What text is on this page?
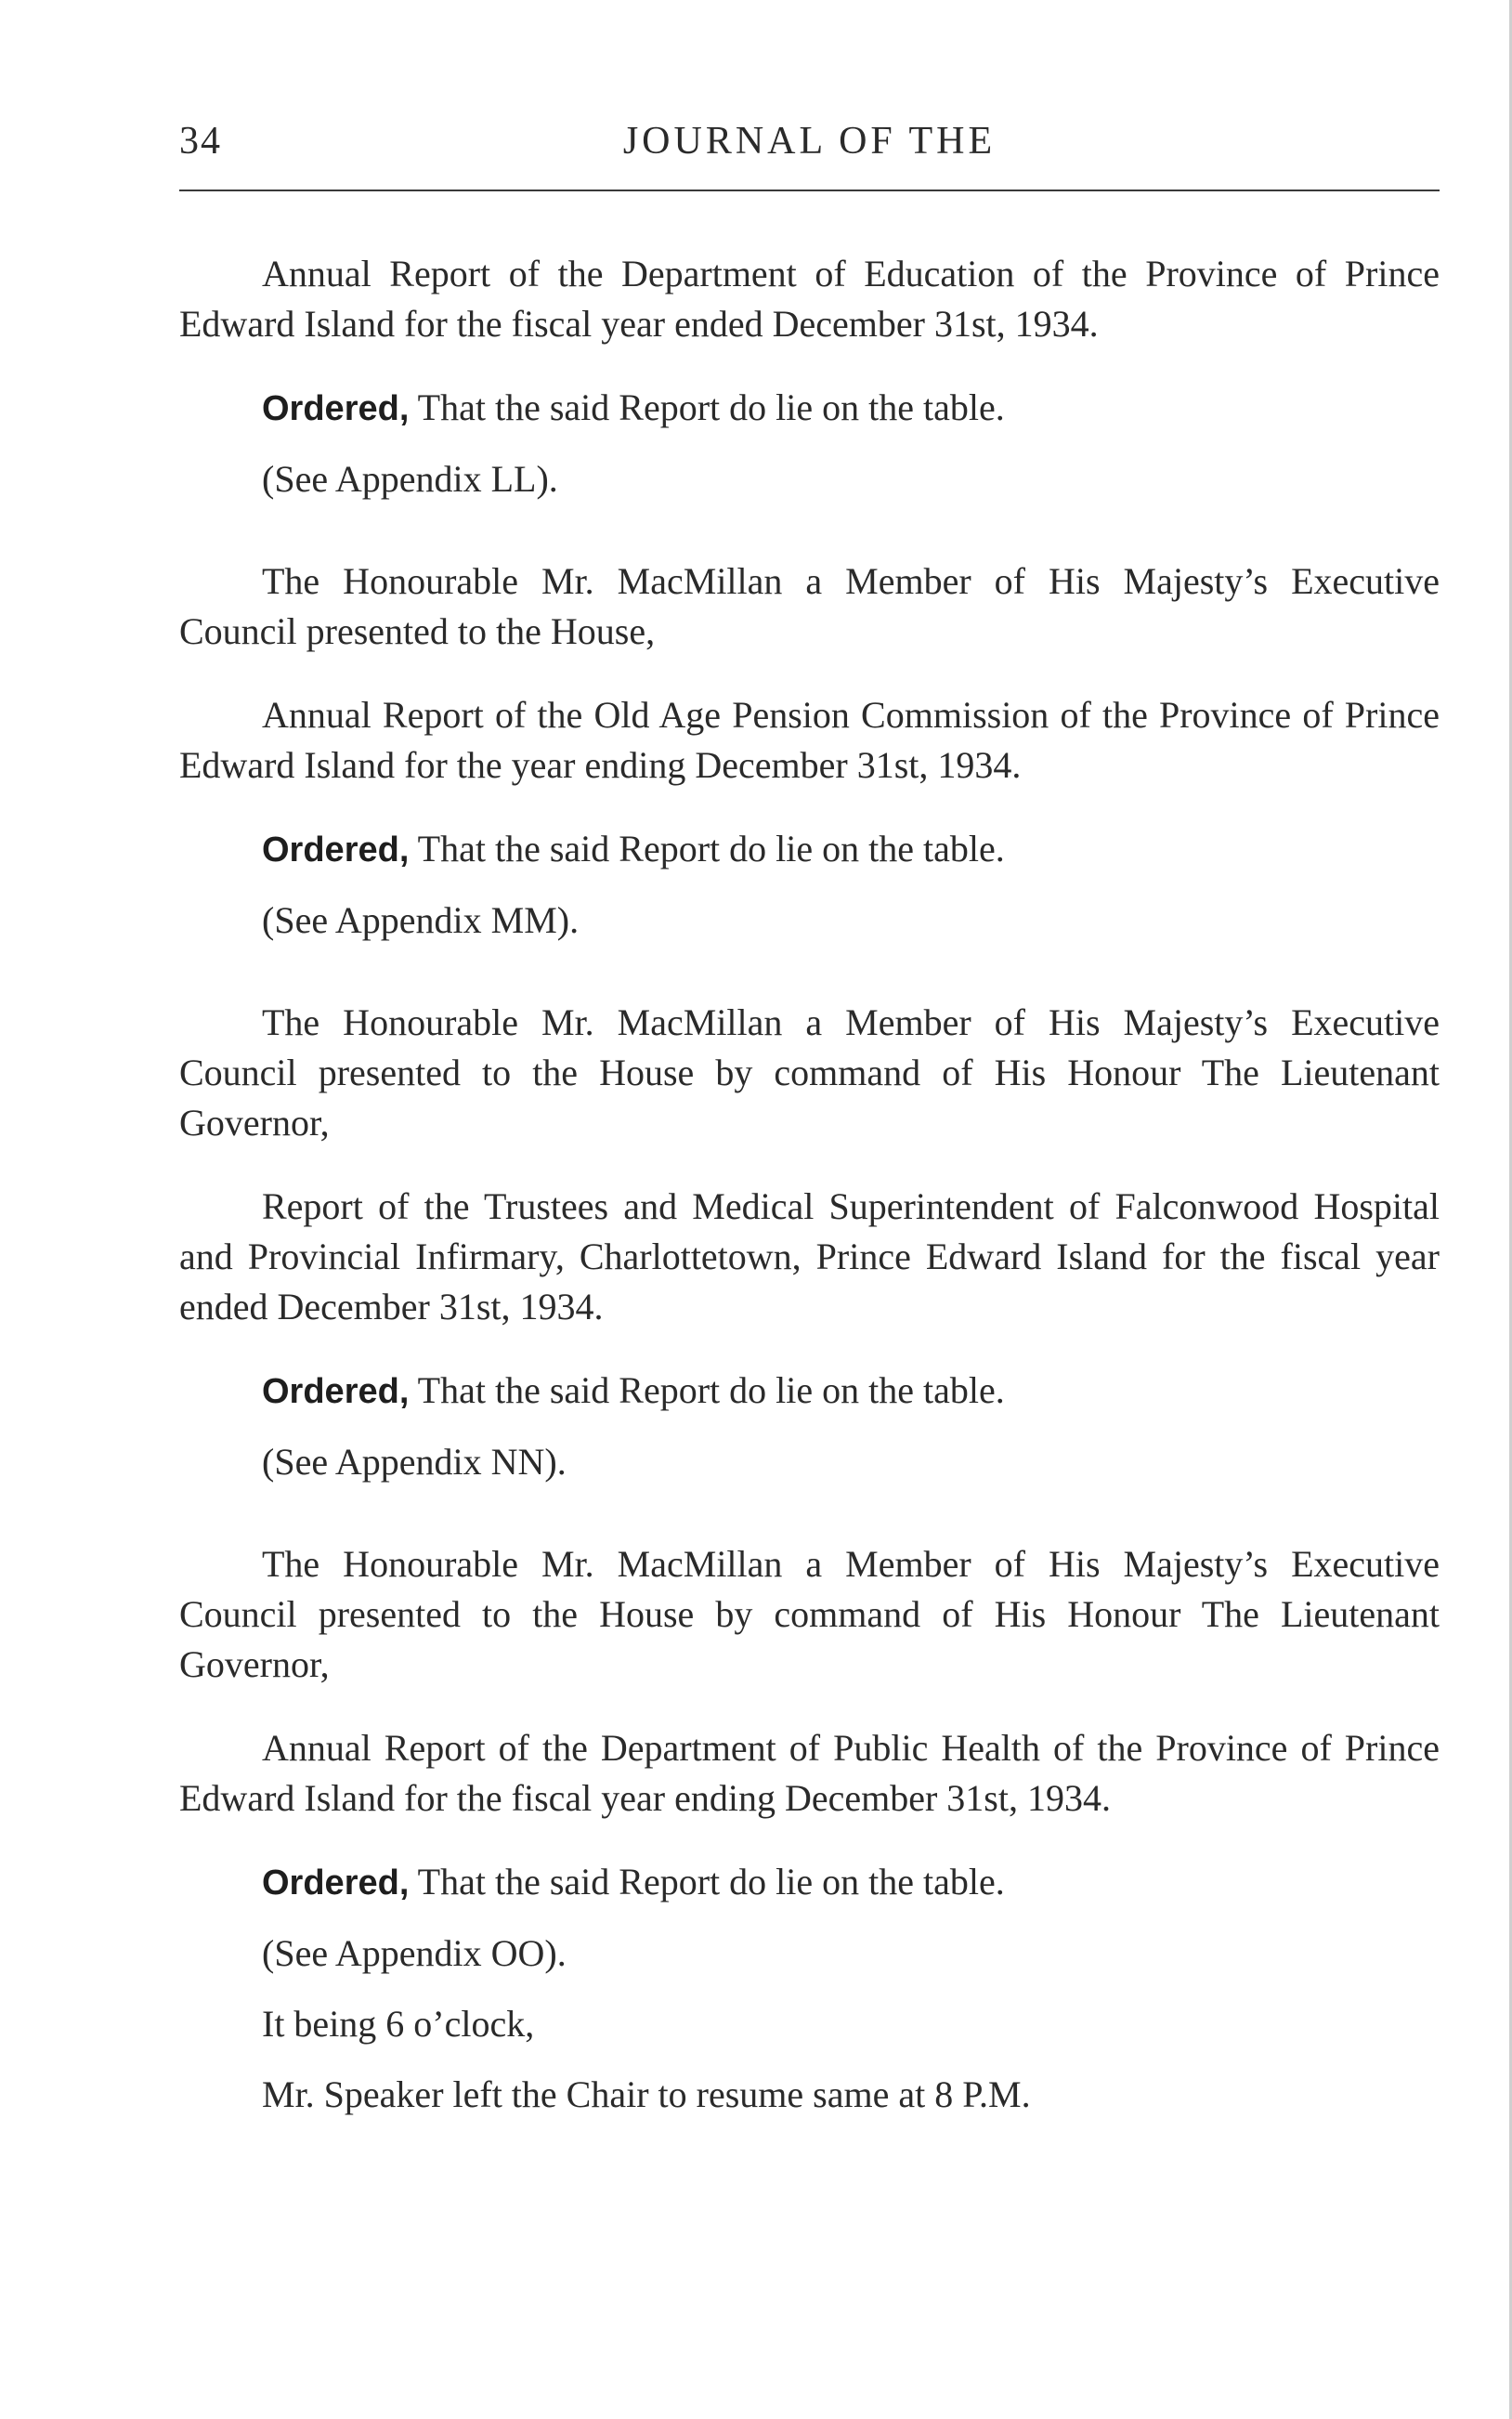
34	JOURNAL OF THE

Annual Report of the Department of Education of the Province of Prince Edward Island for the fiscal year ended December 31st, 1934.

Ordered, That the said Report do lie on the table.

(See Appendix LL).

The Honourable Mr. MacMillan a Member of His Majesty’s Executive Council presented to the House,

Annual Report of the Old Age Pension Commission of the Province of Prince Edward Island for the year ending December 31st, 1934.

Ordered, That the said Report do lie on the table.

(See Appendix MM).

The Honourable Mr. MacMillan a Member of His Majesty’s Executive Council presented to the House by command of His Honour The Lieutenant Governor,

Report of the Trustees and Medical Superintendent of Falconwood Hospital and Provincial Infirmary, Charlottetown, Prince Edward Island for the fiscal year ended December 31st, 1934.

Ordered, That the said Report do lie on the table.

(See Appendix NN).

The Honourable Mr. MacMillan a Member of His Majesty’s Executive Council presented to the House by command of His Honour The Lieutenant Governor,

Annual Report of the Department of Public Health of the Province of Prince Edward Island for the fiscal year ending December 31st, 1934.

Ordered, That the said Report do lie on the table.

(See Appendix OO).

It being 6 o’clock,

Mr. Speaker left the Chair to resume same at 8 P.M.
